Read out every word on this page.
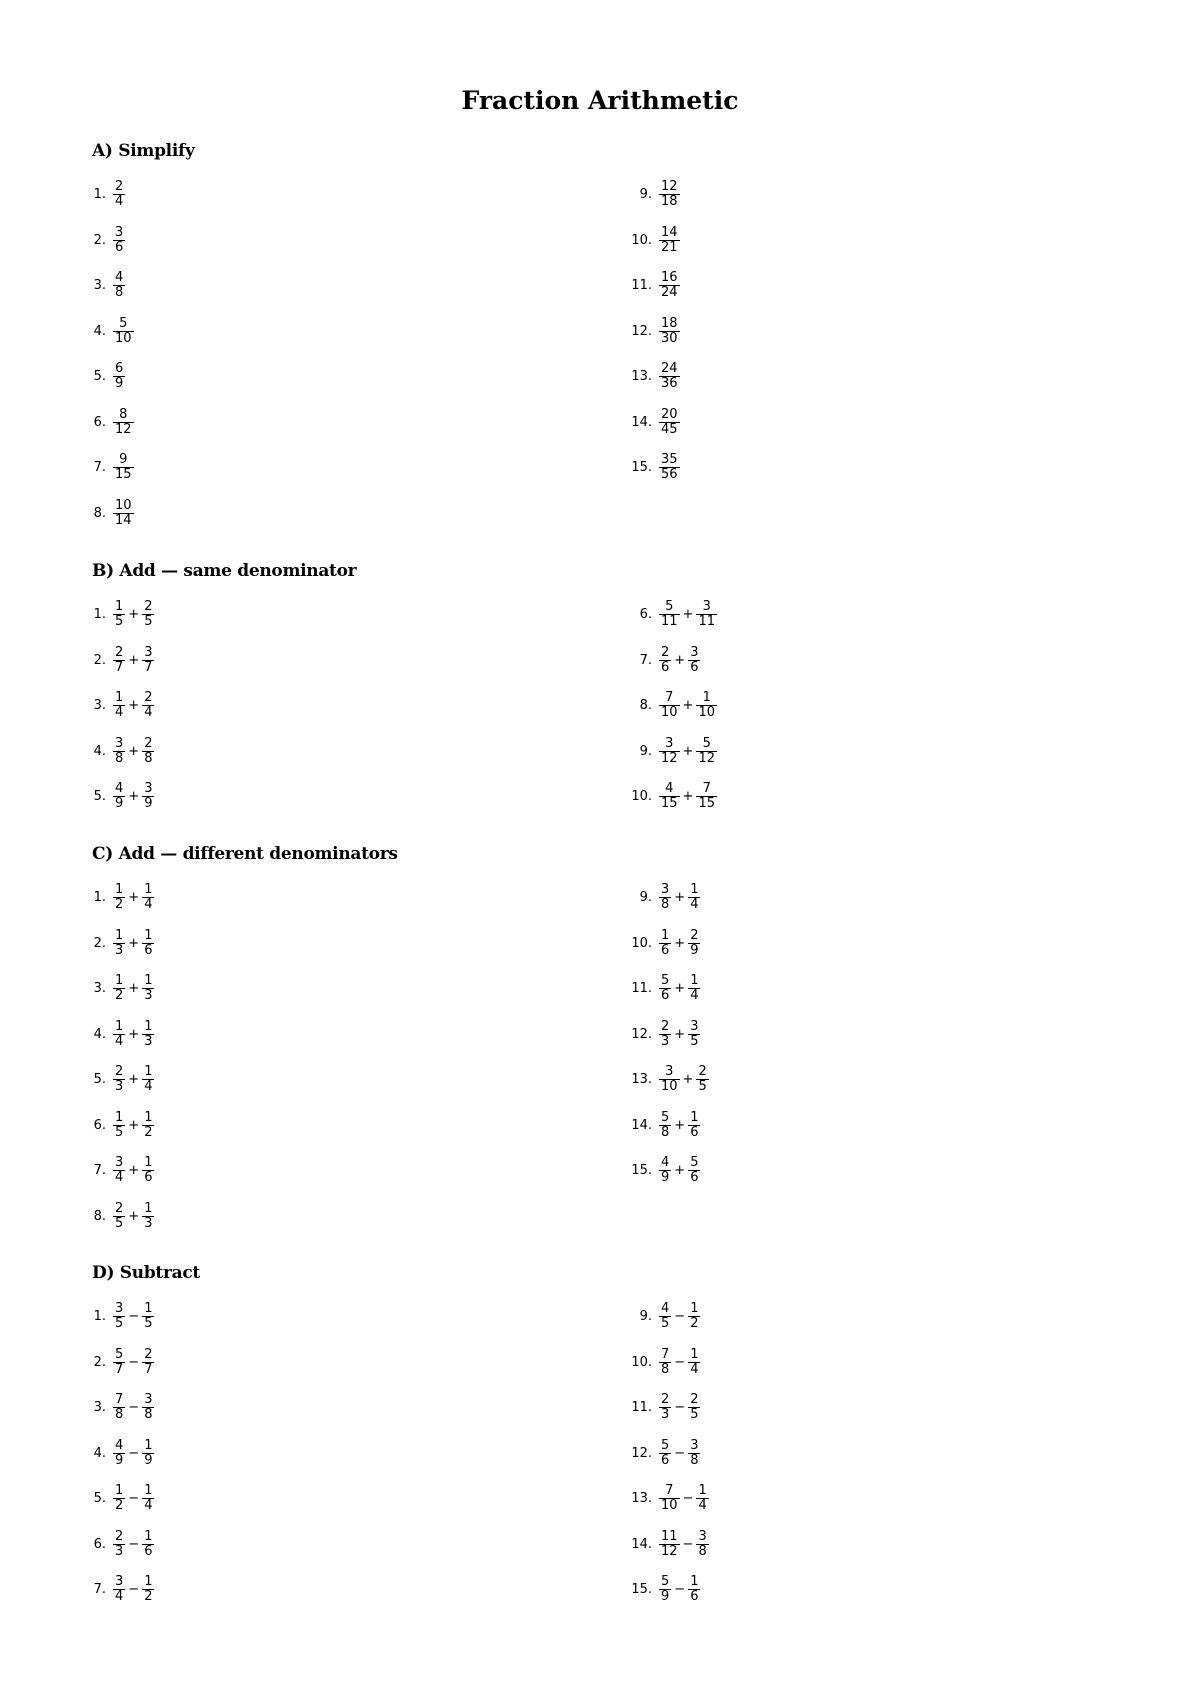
Fraction Arithmetic
A) Simplify
1. $\frac{2}{4}$
2. $\frac{3}{6}$
3. $\frac{4}{8}$
4. $\frac{5}{10}$
5. $\frac{6}{9}$
6. $\frac{8}{12}$
7. $\frac{9}{15}$
8. $\frac{10}{14}$
9. $\frac{12}{18}$
10. $\frac{14}{21}$
11. $\frac{16}{24}$
12. $\frac{18}{30}$
13. $\frac{24}{36}$
14. $\frac{20}{45}$
15. $\frac{35}{56}$
B) Add — same denominator
1. $\frac{1}{5} + \frac{2}{5}$
2. $\frac{2}{7} + \frac{3}{7}$
3. $\frac{1}{4} + \frac{2}{4}$
4. $\frac{3}{8} + \frac{2}{8}$
5. $\frac{4}{9} + \frac{3}{9}$
6. $\frac{5}{11} + \frac{3}{11}$
7. $\frac{2}{6} + \frac{3}{6}$
8. $\frac{7}{10} + \frac{1}{10}$
9. $\frac{3}{12} + \frac{5}{12}$
10. $\frac{4}{15} + \frac{7}{15}$
C) Add — different denominators
1. $\frac{1}{2} + \frac{1}{4}$
2. $\frac{1}{3} + \frac{1}{6}$
3. $\frac{1}{2} + \frac{1}{3}$
4. $\frac{1}{4} + \frac{1}{3}$
5. $\frac{2}{3} + \frac{1}{4}$
6. $\frac{1}{5} + \frac{1}{2}$
7. $\frac{3}{4} + \frac{1}{6}$
8. $\frac{2}{5} + \frac{1}{3}$
9. $\frac{3}{8} + \frac{1}{4}$
10. $\frac{1}{6} + \frac{2}{9}$
11. $\frac{5}{6} + \frac{1}{4}$
12. $\frac{2}{3} + \frac{3}{5}$
13. $\frac{3}{10} + \frac{2}{5}$
14. $\frac{5}{8} + \frac{1}{6}$
15. $\frac{4}{9} + \frac{5}{6}$
D) Subtract
1. $\frac{3}{5} - \frac{1}{5}$
2. $\frac{5}{7} - \frac{2}{7}$
3. $\frac{7}{8} - \frac{3}{8}$
4. $\frac{4}{9} - \frac{1}{9}$
5. $\frac{1}{2} - \frac{1}{4}$
6. $\frac{2}{3} - \frac{1}{6}$
7. $\frac{3}{4} - \frac{1}{2}$
9. $\frac{4}{5} - \frac{1}{2}$
10. $\frac{7}{8} - \frac{1}{4}$
11. $\frac{2}{3} - \frac{2}{5}$
12. $\frac{5}{6} - \frac{3}{8}$
13. $\frac{7}{10} - \frac{1}{4}$
14. $\frac{11}{12} - \frac{3}{8}$
15. $\frac{5}{9} - \frac{1}{6}$
